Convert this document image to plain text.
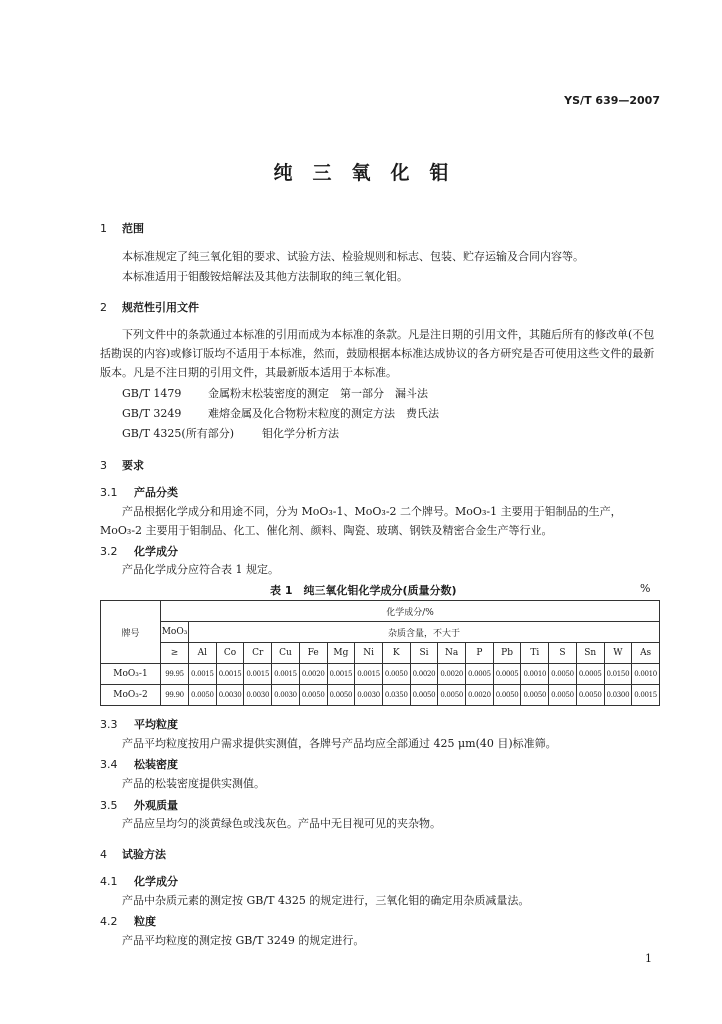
YS/T 639—2007
纯三氧化钼
1 范围
本标准规定了纯三氧化钼的要求、试验方法、检验规则和标志、包装、贮存运输及合同内容等。
本标准适用于钼酸铵焙解法及其他方法制取的纯三氧化钼。
2 规范性引用文件
下列文件中的条款通过本标准的引用而成为本标准的条款。凡是注日期的引用文件，其随后所有的修改单(不包括勘误的内容)或修订版均不适用于本标准，然而，鼓励根据本标准达成协议的各方研究是否可使用这些文件的最新版本。凡是不注日期的引用文件，其最新版本适用于本标准。
GB/T 1479 金属粉末松装密度的测定　第一部分　漏斗法
GB/T 3249 难熔金属及化合物粉末粒度的测定方法　费氏法
GB/T 4325(所有部分)	钼化学分析方法
3 要求
3.1 产品分类
产品根据化学成分和用途不同，分为 MoO₃-1、MoO₃-2 二个牌号。MoO₃-1 主要用于钼制品的生产，MoO₃-2 主要用于钼制品、化工、催化剂、颜料、陶瓷、玻璃、钢铁及精密合金生产等行业。
3.2 化学成分
产品化学成分应符合表 1 规定。
表 1　纯三氧化钼化学成分(质量分数)	%
牌号	化学成分/%																	
	MoO₃	杂质含量，不大于																
	≥	Al	Co	Cr	Cu	Fe	Mg	Ni	K	Si	Na	P	Pb	Ti	S	Sn	W	As
MoO₃-1	99.95	0.0015	0.0015	0.0015	0.0015	0.0020	0.0015	0.0015	0.0050	0.0020	0.0020	0.0005	0.0005	0.0010	0.0050	0.0005	0.0150	0.0010
MoO₃-2	99.90	0.0050	0.0030	0.0030	0.0030	0.0050	0.0050	0.0030	0.0350	0.0050	0.0050	0.0020	0.0050	0.0050	0.0050	0.0050	0.0300	0.0015
3.3 平均粒度
产品平均粒度按用户需求提供实测值，各牌号产品均应全部通过 425 μm(40 目)标准筛。
3.4 松装密度
产品的松装密度提供实测值。
3.5 外观质量
产品应呈均匀的淡黄绿色或浅灰色。产品中无目视可见的夹杂物。
4 试验方法
4.1 化学成分
产品中杂质元素的测定按 GB/T 4325 的规定进行，三氧化钼的确定用杂质减量法。
4.2 粒度
产品平均粒度的测定按 GB/T 3249 的规定进行。
1
